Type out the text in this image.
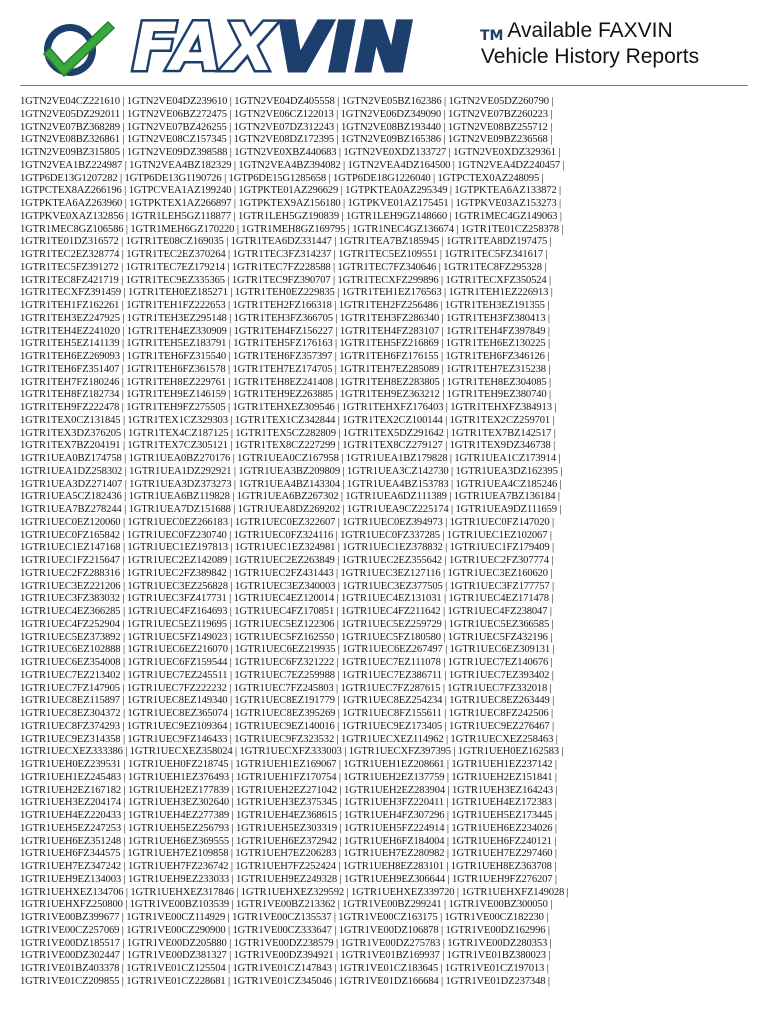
FAXVIN	TM Available FAXVIN
Vehicle History Reports
1GTN2VE04CZ221610 | 1GTN2VE04DZ239610 | 1GTN2VE04DZ405558 | 1GTN2VE05BZ162386 | 1GTN2VE05DZ260790 |
1GTN2VE05DZ292011 | 1GTN2VE06BZ272475 | 1GTN2VE06CZ122013 | 1GTN2VE06DZ349090 | 1GTN2VE07BZ260223 |
1GTN2VE07BZ368289 | 1GTN2VE07BZ426255 | 1GTN2VE07DZ312243 | 1GTN2VE08BZ193440 | 1GTN2VE08BZ255712 |
1GTN2VE08BZ326861 | 1GTN2VE08CZ157345 | 1GTN2VE08DZ172395 | 1GTN2VE09BZ165386 | 1GTN2VE09BZ236568 |
1GTN2VE09BZ315805 | 1GTN2VE09DZ398588 | 1GTN2VE0XBZ440683 | 1GTN2VE0XDZ133727 | 1GTN2VE0XDZ329361 |
1GTN2VEA1BZ224987 | 1GTN2VEA4BZ182329 | 1GTN2VEA4BZ394082 | 1GTN2VEA4DZ164500 | 1GTN2VEA4DZ240457 |
1GTP6DE13G1207282 | 1GTP6DE13G1190726 | 1GTP6DE15G1285658 | 1GTP6DE18G1226040 | 1GTPCTEX0AZ248095 |
1GTPCTEX8AZ266196 | 1GTPCVEA1AZ199240 | 1GTPKTE01AZ296629 | 1GTPKTEA0AZ295349 | 1GTPKTEA6AZ133872 |
1GTPKTEA6AZ263960 | 1GTPKTEX1AZ266897 | 1GTPKTEX9AZ156180 | 1GTPKVE01AZ175451 | 1GTPKVE03AZ153273 |
1GTPKVE0XAZ132856 | 1GTR1LEH5GZ118877 | 1GTR1LEH5GZ190839 | 1GTR1LEH9GZ148660 | 1GTR1MEC4GZ149063 |
1GTR1MEC8GZ106586 | 1GTR1MEH6GZ170220 | 1GTR1MEH8GZ169795 | 1GTR1NEC4GZ136674 | 1GTR1TE01CZ258378 |
1GTR1TE01DZ316572 | 1GTR1TE08CZ169035 | 1GTR1TEA6DZ331447 | 1GTR1TEA7BZ185945 | 1GTR1TEA8DZ197475 |
1GTR1TEC2EZ328774 | 1GTR1TEC2EZ370264 | 1GTR1TEC3FZ314237 | 1GTR1TEC5EZ109551 | 1GTR1TEC5FZ341617 |
1GTR1TEC5FZ391272 | 1GTR1TEC7EZ179214 | 1GTR1TEC7FZ228588 | 1GTR1TEC7FZ340646 | 1GTR1TEC8FZ295328 |
1GTR1TEC8FZ421719 | 1GTR1TEC9EZ335365 | 1GTR1TEC9FZ390707 | 1GTR1TECXFZ299896 | 1GTR1TECXFZ350524 |
1GTR1TECXFZ391459 | 1GTR1TEH0EZ185271 | 1GTR1TEH0EZ229835 | 1GTR1TEH1EZ176563 | 1GTR1TEH1EZ226913 |
1GTR1TEH1FZ162261 | 1GTR1TEH1FZ222653 | 1GTR1TEH2FZ166318 | 1GTR1TEH2FZ256486 | 1GTR1TEH3EZ191355 |
1GTR1TEH3EZ247925 | 1GTR1TEH3EZ295148 | 1GTR1TEH3FZ366705 | 1GTR1TEH3FZ286340 | 1GTR1TEH3FZ380413 |
1GTR1TEH4EZ241020 | 1GTR1TEH4EZ330909 | 1GTR1TEH4FZ156227 | 1GTR1TEH4FZ283107 | 1GTR1TEH4FZ397849 |
1GTR1TEH5EZ141139 | 1GTR1TEH5EZ183791 | 1GTR1TEH5FZ176163 | 1GTR1TEH5FZ216869 | 1GTR1TEH6EZ130225 |
1GTR1TEH6EZ269093 | 1GTR1TEH6FZ315540 | 1GTR1TEH6FZ357397 | 1GTR1TEH6FZ176155 | 1GTR1TEH6FZ346126 |
1GTR1TEH6FZ351407 | 1GTR1TEH6FZ361578 | 1GTR1TEH7EZ174705 | 1GTR1TEH7EZ285089 | 1GTR1TEH7EZ315238 |
1GTR1TEH7FZ180246 | 1GTR1TEH8EZ229761 | 1GTR1TEH8EZ241408 | 1GTR1TEH8EZ283805 | 1GTR1TEH8EZ304085 |
1GTR1TEH8FZ182734 | 1GTR1TEH9EZ146159 | 1GTR1TEH9EZ263885 | 1GTR1TEH9EZ363212 | 1GTR1TEH9EZ380740 |
1GTR1TEH9FZ222478 | 1GTR1TEH9FZ275505 | 1GTR1TEHXEZ309546 | 1GTR1TEHXFZ176403 | 1GTR1TEHXFZ384913 |
1GTR1TEX0CZ131845 | 1GTR1TEX1CZ329303 | 1GTR1TEX1CZ342844 | 1GTR1TEX2CZ100144 | 1GTR1TEX2CZ259701 |
1GTR1TEX3DZ376205 | 1GTR1TEX4CZ187125 | 1GTR1TEX5CZ282809 | 1GTR1TEX5DZ291642 | 1GTR1TEX7BZ142517 |
1GTR1TEX7BZ204191 | 1GTR1TEX7CZ305121 | 1GTR1TEX8CZ227299 | 1GTR1TEX8CZ279127 | 1GTR1TEX9DZ346738 |
1GTR1UEA0BZ174758 | 1GTR1UEA0BZ270176 | 1GTR1UEA0CZ167958 | 1GTR1UEA1BZ179828 | 1GTR1UEA1CZ173914 |
1GTR1UEA1DZ258302 | 1GTR1UEA1DZ292921 | 1GTR1UEA3BZ209809 | 1GTR1UEA3CZ142730 | 1GTR1UEA3DZ162395 |
1GTR1UEA3DZ271407 | 1GTR1UEA3DZ373273 | 1GTR1UEA4BZ143304 | 1GTR1UEA4BZ153783 | 1GTR1UEA4CZ185246 |
1GTR1UEA5CZ182436 | 1GTR1UEA6BZ119828 | 1GTR1UEA6BZ267302 | 1GTR1UEA6DZ111389 | 1GTR1UEA7BZ136184 |
1GTR1UEA7BZ278244 | 1GTR1UEA7DZ151688 | 1GTR1UEA8DZ269202 | 1GTR1UEA9CZ225174 | 1GTR1UEA9DZ111659 |
1GTR1UEC0EZ120060 | 1GTR1UEC0EZ266183 | 1GTR1UEC0EZ322607 | 1GTR1UEC0EZ394973 | 1GTR1UEC0FZ147020 |
1GTR1UEC0FZ165842 | 1GTR1UEC0FZ230740 | 1GTR1UEC0FZ324116 | 1GTR1UEC0FZ337285 | 1GTR1UEC1EZ102067 |
1GTR1UEC1EZ147168 | 1GTR1UEC1EZ197813 | 1GTR1UEC1EZ324981 | 1GTR1UEC1EZ378832 | 1GTR1UEC1FZ179409 |
1GTR1UEC1FZ215647 | 1GTR1UEC2EZ142089 | 1GTR1UEC2EZ263849 | 1GTR1UEC2EZ355642 | 1GTR1UEC2FZ307774 |
1GTR1UEC2FZ288316 | 1GTR1UEC2FZ389842 | 1GTR1UEC2FZ431443 | 1GTR1UEC3EZ127116 | 1GTR1UEC3EZ160620 |
1GTR1UEC3EZ221206 | 1GTR1UEC3EZ256828 | 1GTR1UEC3EZ340003 | 1GTR1UEC3EZ377505 | 1GTR1UEC3FZ177757 |
1GTR1UEC3FZ383032 | 1GTR1UEC3FZ417731 | 1GTR1UEC4EZ120014 | 1GTR1UEC4EZ131031 | 1GTR1UEC4EZ171478 |
1GTR1UEC4EZ366285 | 1GTR1UEC4FZ164693 | 1GTR1UEC4FZ170851 | 1GTR1UEC4FZ211642 | 1GTR1UEC4FZ238047 |
1GTR1UEC4FZ252904 | 1GTR1UEC5EZ119695 | 1GTR1UEC5EZ122306 | 1GTR1UEC5EZ259729 | 1GTR1UEC5EZ366585 |
1GTR1UEC5EZ373892 | 1GTR1UEC5FZ149023 | 1GTR1UEC5FZ162550 | 1GTR1UEC5FZ180580 | 1GTR1UEC5FZ432196 |
1GTR1UEC6EZ102888 | 1GTR1UEC6EZ216070 | 1GTR1UEC6EZ219935 | 1GTR1UEC6EZ267497 | 1GTR1UEC6EZ309131 |
1GTR1UEC6EZ354008 | 1GTR1UEC6FZ159544 | 1GTR1UEC6FZ321222 | 1GTR1UEC7EZ111078 | 1GTR1UEC7EZ140676 |
1GTR1UEC7EZ213402 | 1GTR1UEC7EZ245511 | 1GTR1UEC7EZ259988 | 1GTR1UEC7EZ386711 | 1GTR1UEC7EZ393402 |
1GTR1UEC7FZ147905 | 1GTR1UEC7FZ222232 | 1GTR1UEC7FZ245803 | 1GTR1UEC7FZ287615 | 1GTR1UEC7FZ332018 |
1GTR1UEC8EZ115897 | 1GTR1UEC8EZ149340 | 1GTR1UEC8EZ191779 | 1GTR1UEC8EZ254234 | 1GTR1UEC8EZ263449 |
1GTR1UEC8EZ304372 | 1GTR1UEC8EZ365074 | 1GTR1UEC8EZ395269 | 1GTR1UEC8FZ155611 | 1GTR1UEC8FZ242506 |
1GTR1UEC8FZ374293 | 1GTR1UEC9EZ109364 | 1GTR1UEC9EZ140016 | 1GTR1UEC9EZ173405 | 1GTR1UEC9EZ276467 |
1GTR1UEC9EZ314358 | 1GTR1UEC9FZ146433 | 1GTR1UEC9FZ323532 | 1GTR1UECXEZ114962 | 1GTR1UECXEZ258463 |
1GTR1UECXEZ333386 | 1GTR1UECXEZ358024 | 1GTR1UECXFZ333003 | 1GTR1UECXFZ397395 | 1GTR1UEH0EZ162583 |
1GTR1UEH0EZ239531 | 1GTR1UEH0FZ218745 | 1GTR1UEH1EZ169067 | 1GTR1UEH1EZ208661 | 1GTR1UEH1EZ237142 |
1GTR1UEH1EZ245483 | 1GTR1UEH1EZ376493 | 1GTR1UEH1FZ170754 | 1GTR1UEH2EZ137759 | 1GTR1UEH2EZ151841 |
1GTR1UEH2EZ167182 | 1GTR1UEH2EZ177839 | 1GTR1UEH2EZ271042 | 1GTR1UEH2EZ283904 | 1GTR1UEH3EZ164243 |
1GTR1UEH3EZ204174 | 1GTR1UEH3EZ302640 | 1GTR1UEH3EZ375345 | 1GTR1UEH3FZ220411 | 1GTR1UEH4EZ172383 |
1GTR1UEH4EZ220433 | 1GTR1UEH4EZ277389 | 1GTR1UEH4EZ368615 | 1GTR1UEH4FZ307296 | 1GTR1UEH5EZ173445 |
1GTR1UEH5EZ247253 | 1GTR1UEH5EZ256793 | 1GTR1UEH5EZ303319 | 1GTR1UEH5FZ224914 | 1GTR1UEH6EZ234026 |
1GTR1UEH6EZ351248 | 1GTR1UEH6EZ369555 | 1GTR1UEH6EZ372942 | 1GTR1UEH6FZ184004 | 1GTR1UEH6FZ240121 |
1GTR1UEH6FZ344575 | 1GTR1UEH7EZ109858 | 1GTR1UEH7EZ206283 | 1GTR1UEH7EZ280982 | 1GTR1UEH7EZ297460 |
1GTR1UEH7EZ347242 | 1GTR1UEH7FZ236742 | 1GTR1UEH7FZ252424 | 1GTR1UEH8EZ283101 | 1GTR1UEH8EZ363708 |
1GTR1UEH9EZ134003 | 1GTR1UEH9EZ233033 | 1GTR1UEH9EZ249328 | 1GTR1UEH9EZ306644 | 1GTR1UEH9FZ276207 |
1GTR1UEHXEZ134706 | 1GTR1UEHXEZ317846 | 1GTR1UEHXEZ329592 | 1GTR1UEHXEZ339720 | 1GTR1UEHXFZ149028 |
1GTR1UEHXFZ250800 | 1GTR1VE00BZ103539 | 1GTR1VE00BZ213362 | 1GTR1VE00BZ299241 | 1GTR1VE00BZ300050 |
1GTR1VE00BZ399677 | 1GTR1VE00CZ114929 | 1GTR1VE00CZ135537 | 1GTR1VE00CZ163175 | 1GTR1VE00CZ182230 |
1GTR1VE00CZ257069 | 1GTR1VE00CZ290900 | 1GTR1VE00CZ333647 | 1GTR1VE00DZ106878 | 1GTR1VE00DZ162996 |
1GTR1VE00DZ185517 | 1GTR1VE00DZ205880 | 1GTR1VE00DZ238579 | 1GTR1VE00DZ275783 | 1GTR1VE00DZ280353 |
1GTR1VE00DZ302447 | 1GTR1VE00DZ381327 | 1GTR1VE00DZ394921 | 1GTR1VE01BZ169937 | 1GTR1VE01BZ380023 |
1GTR1VE01BZ403378 | 1GTR1VE01CZ125504 | 1GTR1VE01CZ147843 | 1GTR1VE01CZ183645 | 1GTR1VE01CZ197013 |
1GTR1VE01CZ209855 | 1GTR1VE01CZ228681 | 1GTR1VE01CZ345046 | 1GTR1VE01DZ166684 | 1GTR1VE01DZ237348 |
